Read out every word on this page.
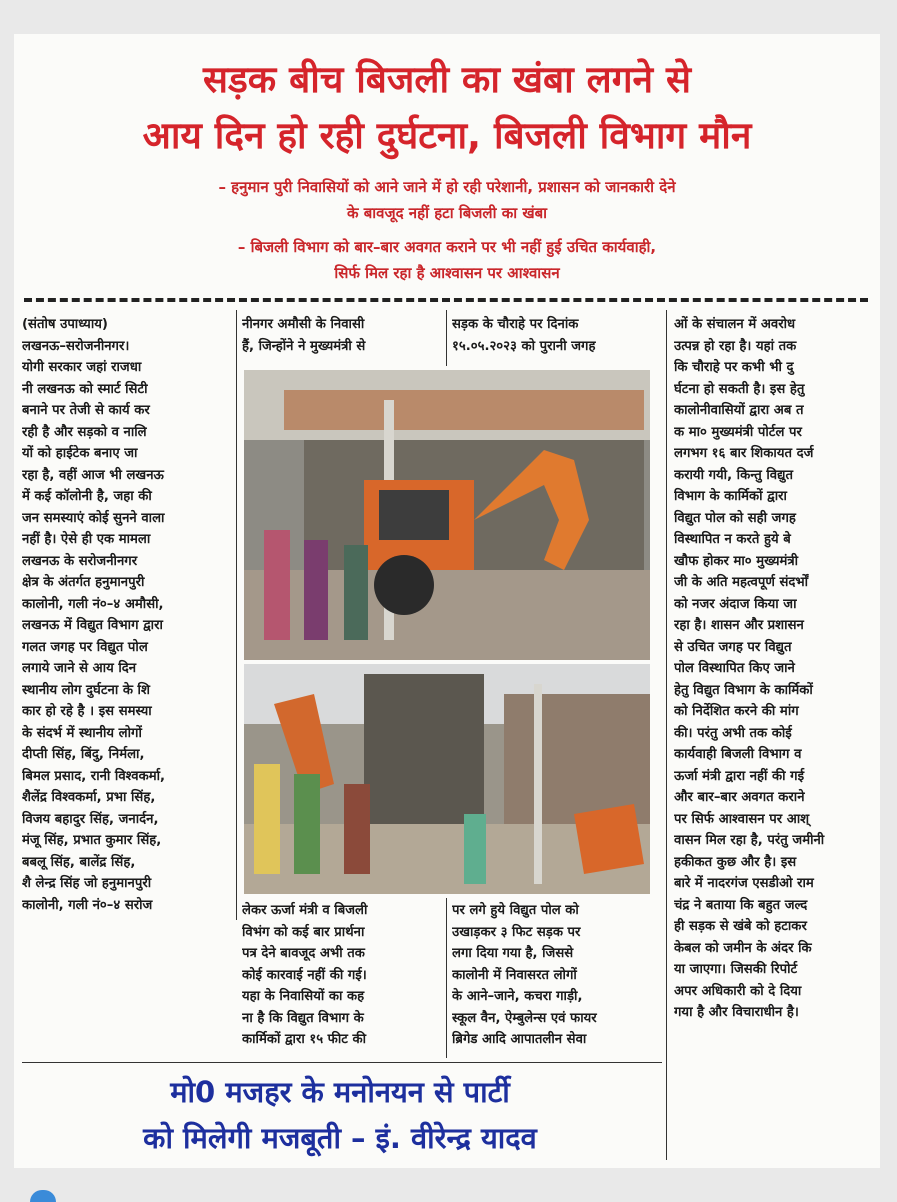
सड़क बीच बिजली का खंबा लगने से
आय दिन हो रही दुर्घटना, बिजली विभाग मौन
– हनुमान पुरी निवासियों को आने जाने में हो रही परेशानी, प्रशासन को जानकारी देने
के बावजूद नहीं हटा बिजली का खंबा
– बिजली विभाग को बार–बार अवगत कराने पर भी नहीं हुई उचित कार्यवाही,
सिर्फ मिल रहा है आश्वासन पर आश्वासन
(संतोष उपाध्याय)
लखनऊ–सरोजनीनगर।
योगी सरकार जहां राजधा
नी लखनऊ को स्मार्ट सिटी
बनाने पर तेजी से कार्य कर
रही है और सड़को व नालि
यों को हाईटेक बनाए जा
रहा है, वहीं आज भी लखनऊ
में कई कॉलोनी है, जहा की
जन समस्याएं कोई सुनने वाला
नहीं है। ऐसे ही एक मामला
लखनऊ के सरोजनीनगर
क्षेत्र के अंतर्गत हनुमानपुरी
कालोनी, गली नं०–४ अमौसी,
लखनऊ में विद्युत विभाग द्वारा
गलत जगह पर विद्युत पोल
लगाये जाने से आय दिन
स्थानीय लोग दुर्घटना के शि
कार हो रहे है । इस समस्या
के संदर्भ में स्थानीय लोगों
दीप्ती सिंह, बिंदु, निर्मला,
बिमल प्रसाद, रानी विश्वकर्मा,
शैलेंद्र विश्वकर्मा, प्रभा सिंह,
विजय बहादुर सिंह, जनार्दन,
मंजू सिंह, प्रभात कुमार सिंह,
बबलू सिंह, बालेंद्र सिंह,
शै लेन्द्र सिंह जो हनुमानपुरी
कालोनी, गली नं०–४ सरोज
नीनगर अमौसी के निवासी
हैं, जिन्होंने ने मुख्यमंत्री से
सड़क के चौराहे पर दिनांक
१५.०५.२०२३ को पुरानी जगह
लेकर ऊर्जा मंत्री व बिजली
विभंग को कई बार प्रार्थना
पत्र देने बावजूद अभी तक
कोई कारवाई नहीं की गई।
यहा के निवासियों का कह
ना है कि विद्युत विभाग के
कार्मिकों द्वारा १५ फीट की
पर लगे हुये विद्युत पोल को
उखाड़कर ३ फिट सड़क पर
लगा दिया गया है, जिससे
कालोनी में निवासरत लोगों
के आने–जाने, कचरा गाड़ी,
स्कूल वैन, ऐम्बुलेन्स एवं फायर
ब्रिगेड आदि आपातलीन सेवा
ओं के संचालन में अवरोध
उत्पन्न हो रहा है। यहां तक
कि चौराहे पर कभी भी दु
र्घटना हो सकती है। इस हेतु
कालोनीवासियों द्वारा अब त
क मा० मुख्यमंत्री पोर्टल पर
लगभग १६ बार शिकायत दर्ज
करायी गयी, किन्तु विद्युत
विभाग के कार्मिकों द्वारा
विद्युत पोल को सही जगह
विस्थापित न करते हुये बे
खौफ होकर मा० मुख्यमंत्री
जी के अति महत्वपूर्ण संदर्भों
को नजर अंदाज किया जा
रहा है। शासन और प्रशासन
से उचित जगह पर विद्युत
पोल विस्थापित किए जाने
हेतु विद्युत विभाग के कार्मिकों
को निर्देशित करने की मांग
की। परंतु अभी तक कोई
कार्यवाही बिजली विभाग व
ऊर्जा मंत्री द्वारा नहीं की गई
और बार–बार अवगत कराने
पर सिर्फ आश्वासन पर आश्
वासन मिल रहा है, परंतु जमीनी
हकीकत कुछ और है। इस
बारे में नादरगंज एसडीओ राम
चंद्र ने बताया कि बहुत जल्द
ही सड़क से खंबे को हटाकर
केबल को जमीन के अंदर कि
या जाएगा। जिसकी रिपोर्ट
अपर अधिकारी को दे दिया
गया है और विचाराधीन है।
मो0 मजहर के मनोनयन से पार्टी
को मिलेगी मजबूती – इं. वीरेन्द्र यादव
